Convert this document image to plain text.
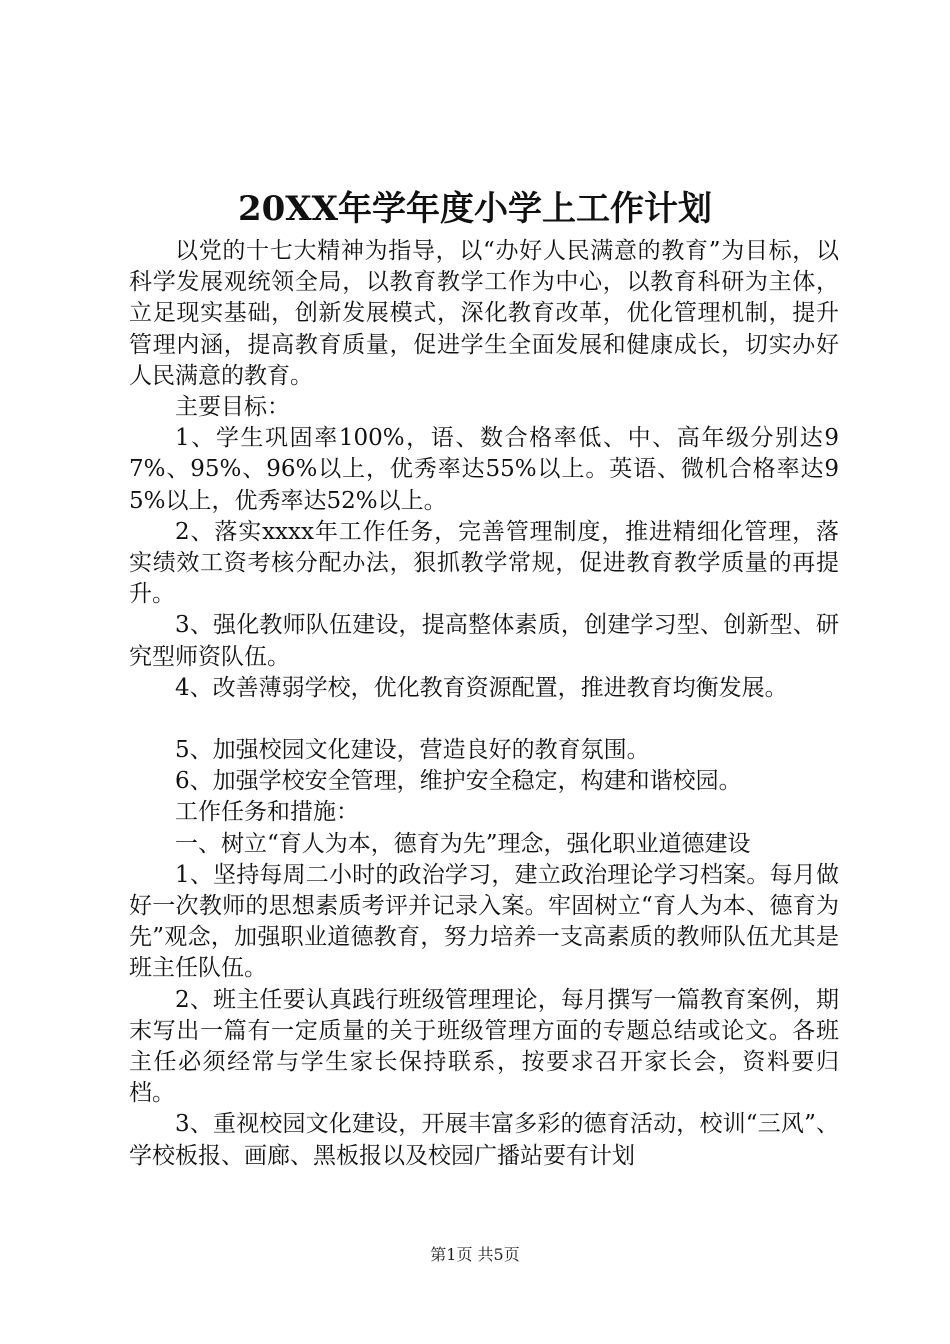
20XX年学年度小学上工作计划

以党的十七大精神为指导，以“办好人民满意的教育”为目标，以科学发展观统领全局，以教育教学工作为中心，以教育科研为主体，立足现实基础，创新发展模式，深化教育改革，优化管理机制，提升管理内涵，提高教育质量，促进学生全面发展和健康成长，切实办好人民满意的教育。

主要目标：

1、学生巩固率100%，语、数合格率低、中、高年级分别达97%、95%、96%以上，优秀率达55%以上。英语、微机合格率达95%以上，优秀率达52%以上。

2、落实xxxx年工作任务，完善管理制度，推进精细化管理，落实绩效工资考核分配办法，狠抓教学常规，促进教育教学质量的再提升。

3、强化教师队伍建设，提高整体素质，创建学习型、创新型、研究型师资队伍。

4、改善薄弱学校，优化教育资源配置，推进教育均衡发展。

5、加强校园文化建设，营造良好的教育氛围。

6、加强学校安全管理，维护安全稳定，构建和谐校园。

工作任务和措施：

一、树立“育人为本，德育为先”理念，强化职业道德建设

1、坚持每周二小时的政治学习，建立政治理论学习档案。每月做好一次教师的思想素质考评并记录入案。牢固树立“育人为本、德育为先”观念，加强职业道德教育，努力培养一支高素质的教师队伍尤其是班主任队伍。

2、班主任要认真践行班级管理理论，每月撰写一篇教育案例，期末写出一篇有一定质量的关于班级管理方面的专题总结或论文。各班主任必须经常与学生家长保持联系，按要求召开家长会，资料要归档。

3、重视校园文化建设，开展丰富多彩的德育活动，校训“三风”、学校板报、画廊、黑板报以及校园广播站要有计划

第1页 共5页
